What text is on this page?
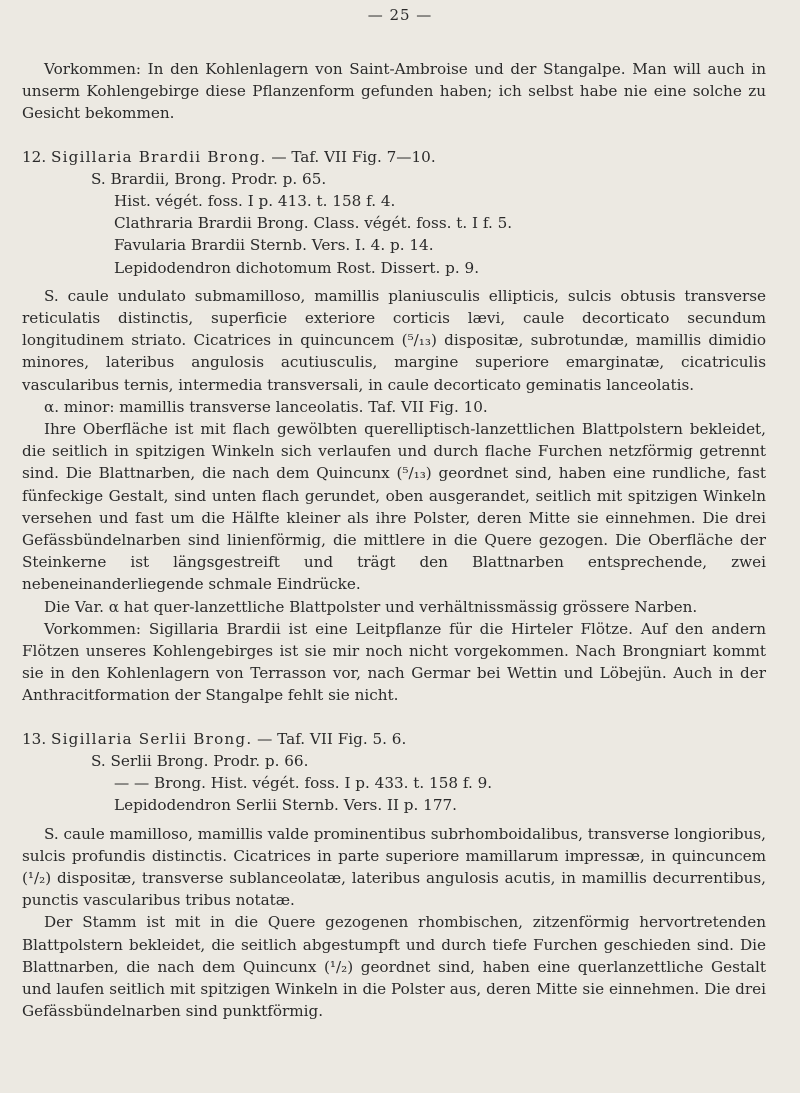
— 25 —

Vorkommen: In den Kohlenlagern von Saint-Ambroise und der Stangalpe. Man will auch in unserm Kohlengebirge diese Pflanzenform gefunden haben; ich selbst habe nie eine solche zu Gesicht bekommen.

12. Sigillaria Brardii Brong. — Taf. VII Fig. 7—10.

S. Brardii, Brong. Prodr. p. 65.

Hist. végét. foss. I p. 413. t. 158 f. 4.

Clathraria Brardii Brong. Class. végét. foss. t. I f. 5.

Favularia Brardii Sternb. Vers. I. 4. p. 14.

Lepidodendron dichotomum Rost. Dissert. p. 9.

S. caule undulato submamilloso, mamillis planiusculis ellipticis, sulcis obtusis transverse reticulatis distinctis, superficie exteriore corticis lævi, caule decorticato secundum longitudinem striato. Cicatrices in quincuncem (⁵/₁₃) dispositæ, subrotundæ, mamillis dimidio minores, lateribus angulosis acutiusculis, margine superiore emarginatæ, cicatriculis vascularibus ternis, intermedia transversali, in caule decorticato geminatis lanceolatis.

α. minor: mamillis transverse lanceolatis. Taf. VII Fig. 10.

Ihre Oberfläche ist mit flach gewölbten querelliptisch-lanzettlichen Blattpolstern bekleidet, die seitlich in spitzigen Winkeln sich verlaufen und durch flache Furchen netzförmig getrennt sind. Die Blattnarben, die nach dem Quincunx (⁵/₁₃) geordnet sind, haben eine rundliche, fast fünfeckige Gestalt, sind unten flach gerundet, oben ausgerandet, seitlich mit spitzigen Winkeln versehen und fast um die Hälfte kleiner als ihre Polster, deren Mitte sie einnehmen. Die drei Gefässbündelnarben sind linienförmig, die mittlere in die Quere gezogen. Die Oberfläche der Steinkerne ist längsgestreift und trägt den Blattnarben entsprechende, zwei nebeneinanderliegende schmale Eindrücke.

Die Var. α hat quer-lanzettliche Blattpolster und verhältnissmässig grössere Narben.

Vorkommen: Sigillaria Brardii ist eine Leitpflanze für die Hirteler Flötze. Auf den andern Flötzen unseres Kohlengebirges ist sie mir noch nicht vorgekommen. Nach Brongniart kommt sie in den Kohlenlagern von Terrasson vor, nach Germar bei Wettin und Löbejün. Auch in der Anthracitformation der Stangalpe fehlt sie nicht.

13. Sigillaria Serlii Brong. — Taf. VII Fig. 5. 6.

S. Serlii Brong. Prodr. p. 66.

— — Brong. Hist. végét. foss. I p. 433. t. 158 f. 9.

Lepidodendron Serlii Sternb. Vers. II p. 177.

S. caule mamilloso, mamillis valde prominentibus subrhomboidalibus, transverse longioribus, sulcis profundis distinctis. Cicatrices in parte superiore mamillarum impressæ, in quincuncem (¹/₂) dispositæ, transverse sublanceolatæ, lateribus angulosis acutis, in mamillis decurrentibus, punctis vascularibus tribus notatæ.

Der Stamm ist mit in die Quere gezogenen rhombischen, zitzenförmig hervortretenden Blattpolstern bekleidet, die seitlich abgestumpft und durch tiefe Furchen geschieden sind. Die Blattnarben, die nach dem Quincunx (¹/₂) geordnet sind, haben eine querlanzettliche Gestalt und laufen seitlich mit spitzigen Winkeln in die Polster aus, deren Mitte sie einnehmen. Die drei Gefässbündelnarben sind punktförmig.
